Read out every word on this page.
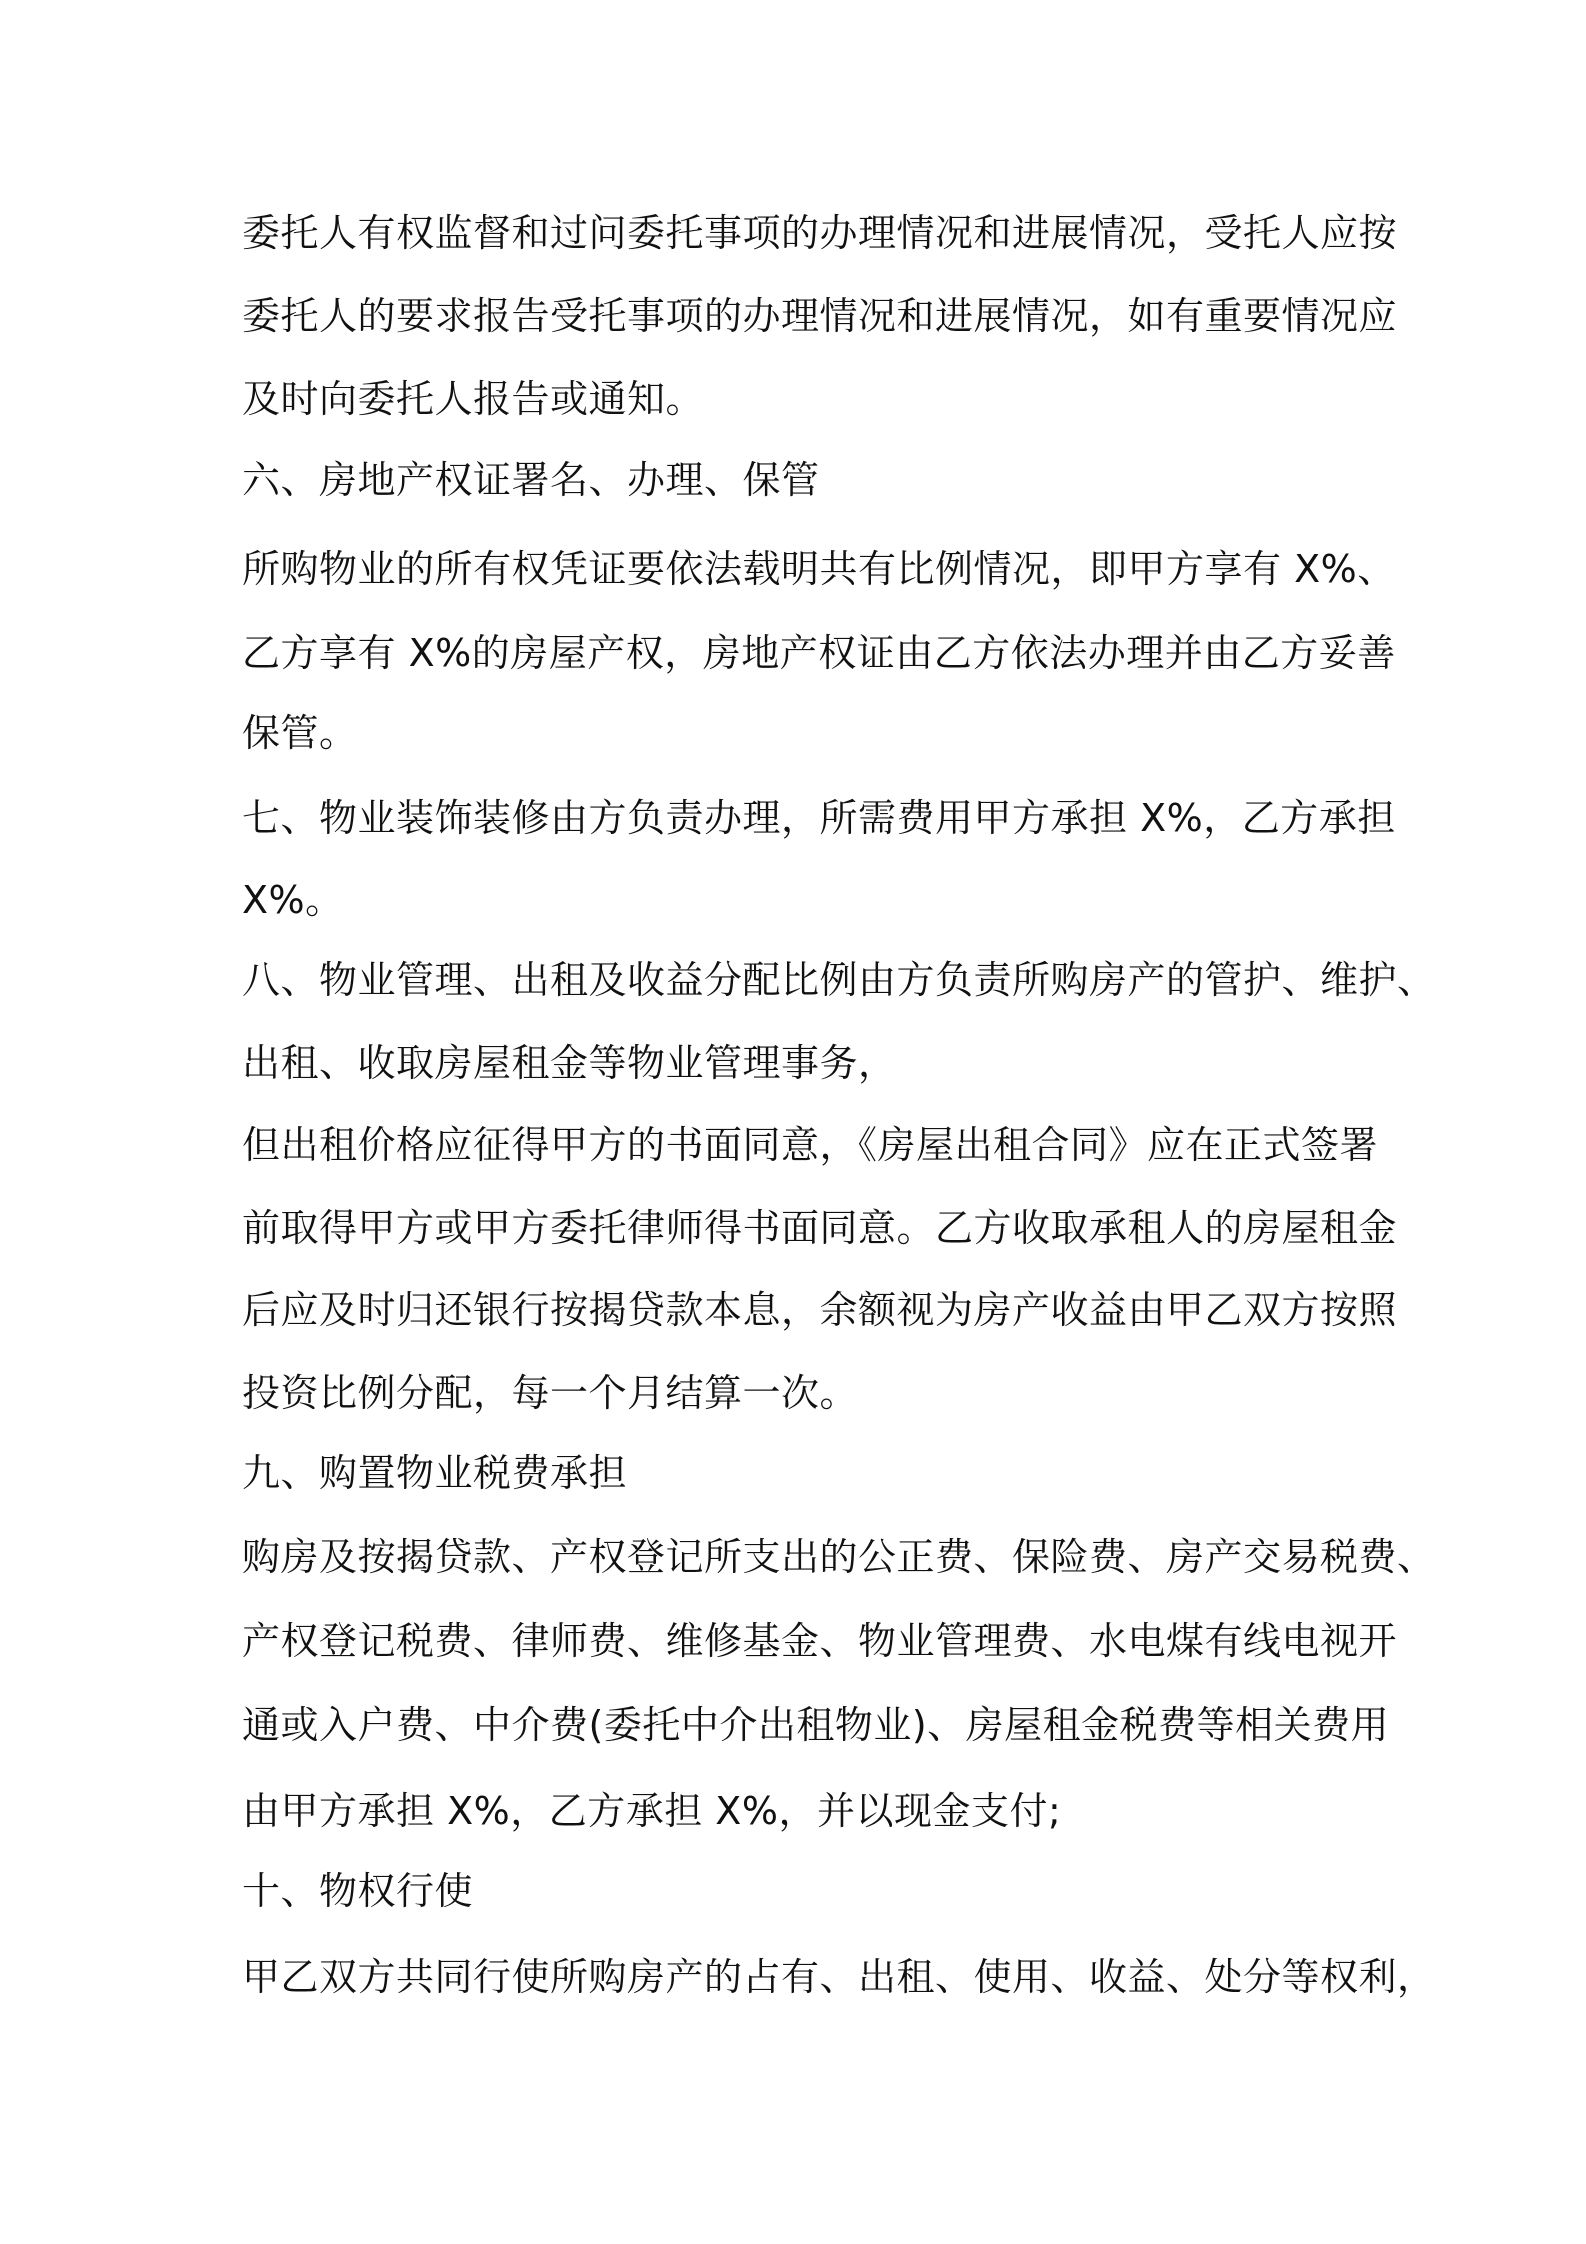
委托人有权监督和过问委托事项的办理情况和进展情况，受托人应按
委托人的要求报告受托事项的办理情况和进展情况，如有重要情况应
及时向委托人报告或通知。
六、房地产权证署名、办理、保管
所购物业的所有权凭证要依法载明共有比例情况，即甲方享有 X%、
乙方享有 X%的房屋产权，房地产权证由乙方依法办理并由乙方妥善
保管。
七、物业装饰装修由方负责办理，所需费用甲方承担 X%，乙方承担
X%。
八、物业管理、出租及收益分配比例由方负责所购房产的管护、维护、
出租、收取房屋租金等物业管理事务，
但出租价格应征得甲方的书面同意，《房屋出租合同》应在正式签署
前取得甲方或甲方委托律师得书面同意。乙方收取承租人的房屋租金
后应及时归还银行按揭贷款本息，余额视为房产收益由甲乙双方按照
投资比例分配，每一个月结算一次。
九、购置物业税费承担
购房及按揭贷款、产权登记所支出的公正费、保险费、房产交易税费、
产权登记税费、律师费、维修基金、物业管理费、水电煤有线电视开
通或入户费、中介费(委托中介出租物业)、房屋租金税费等相关费用
由甲方承担 X%，乙方承担 X%，并以现金支付;
十、物权行使
甲乙双方共同行使所购房产的占有、出租、使用、收益、处分等权利，
